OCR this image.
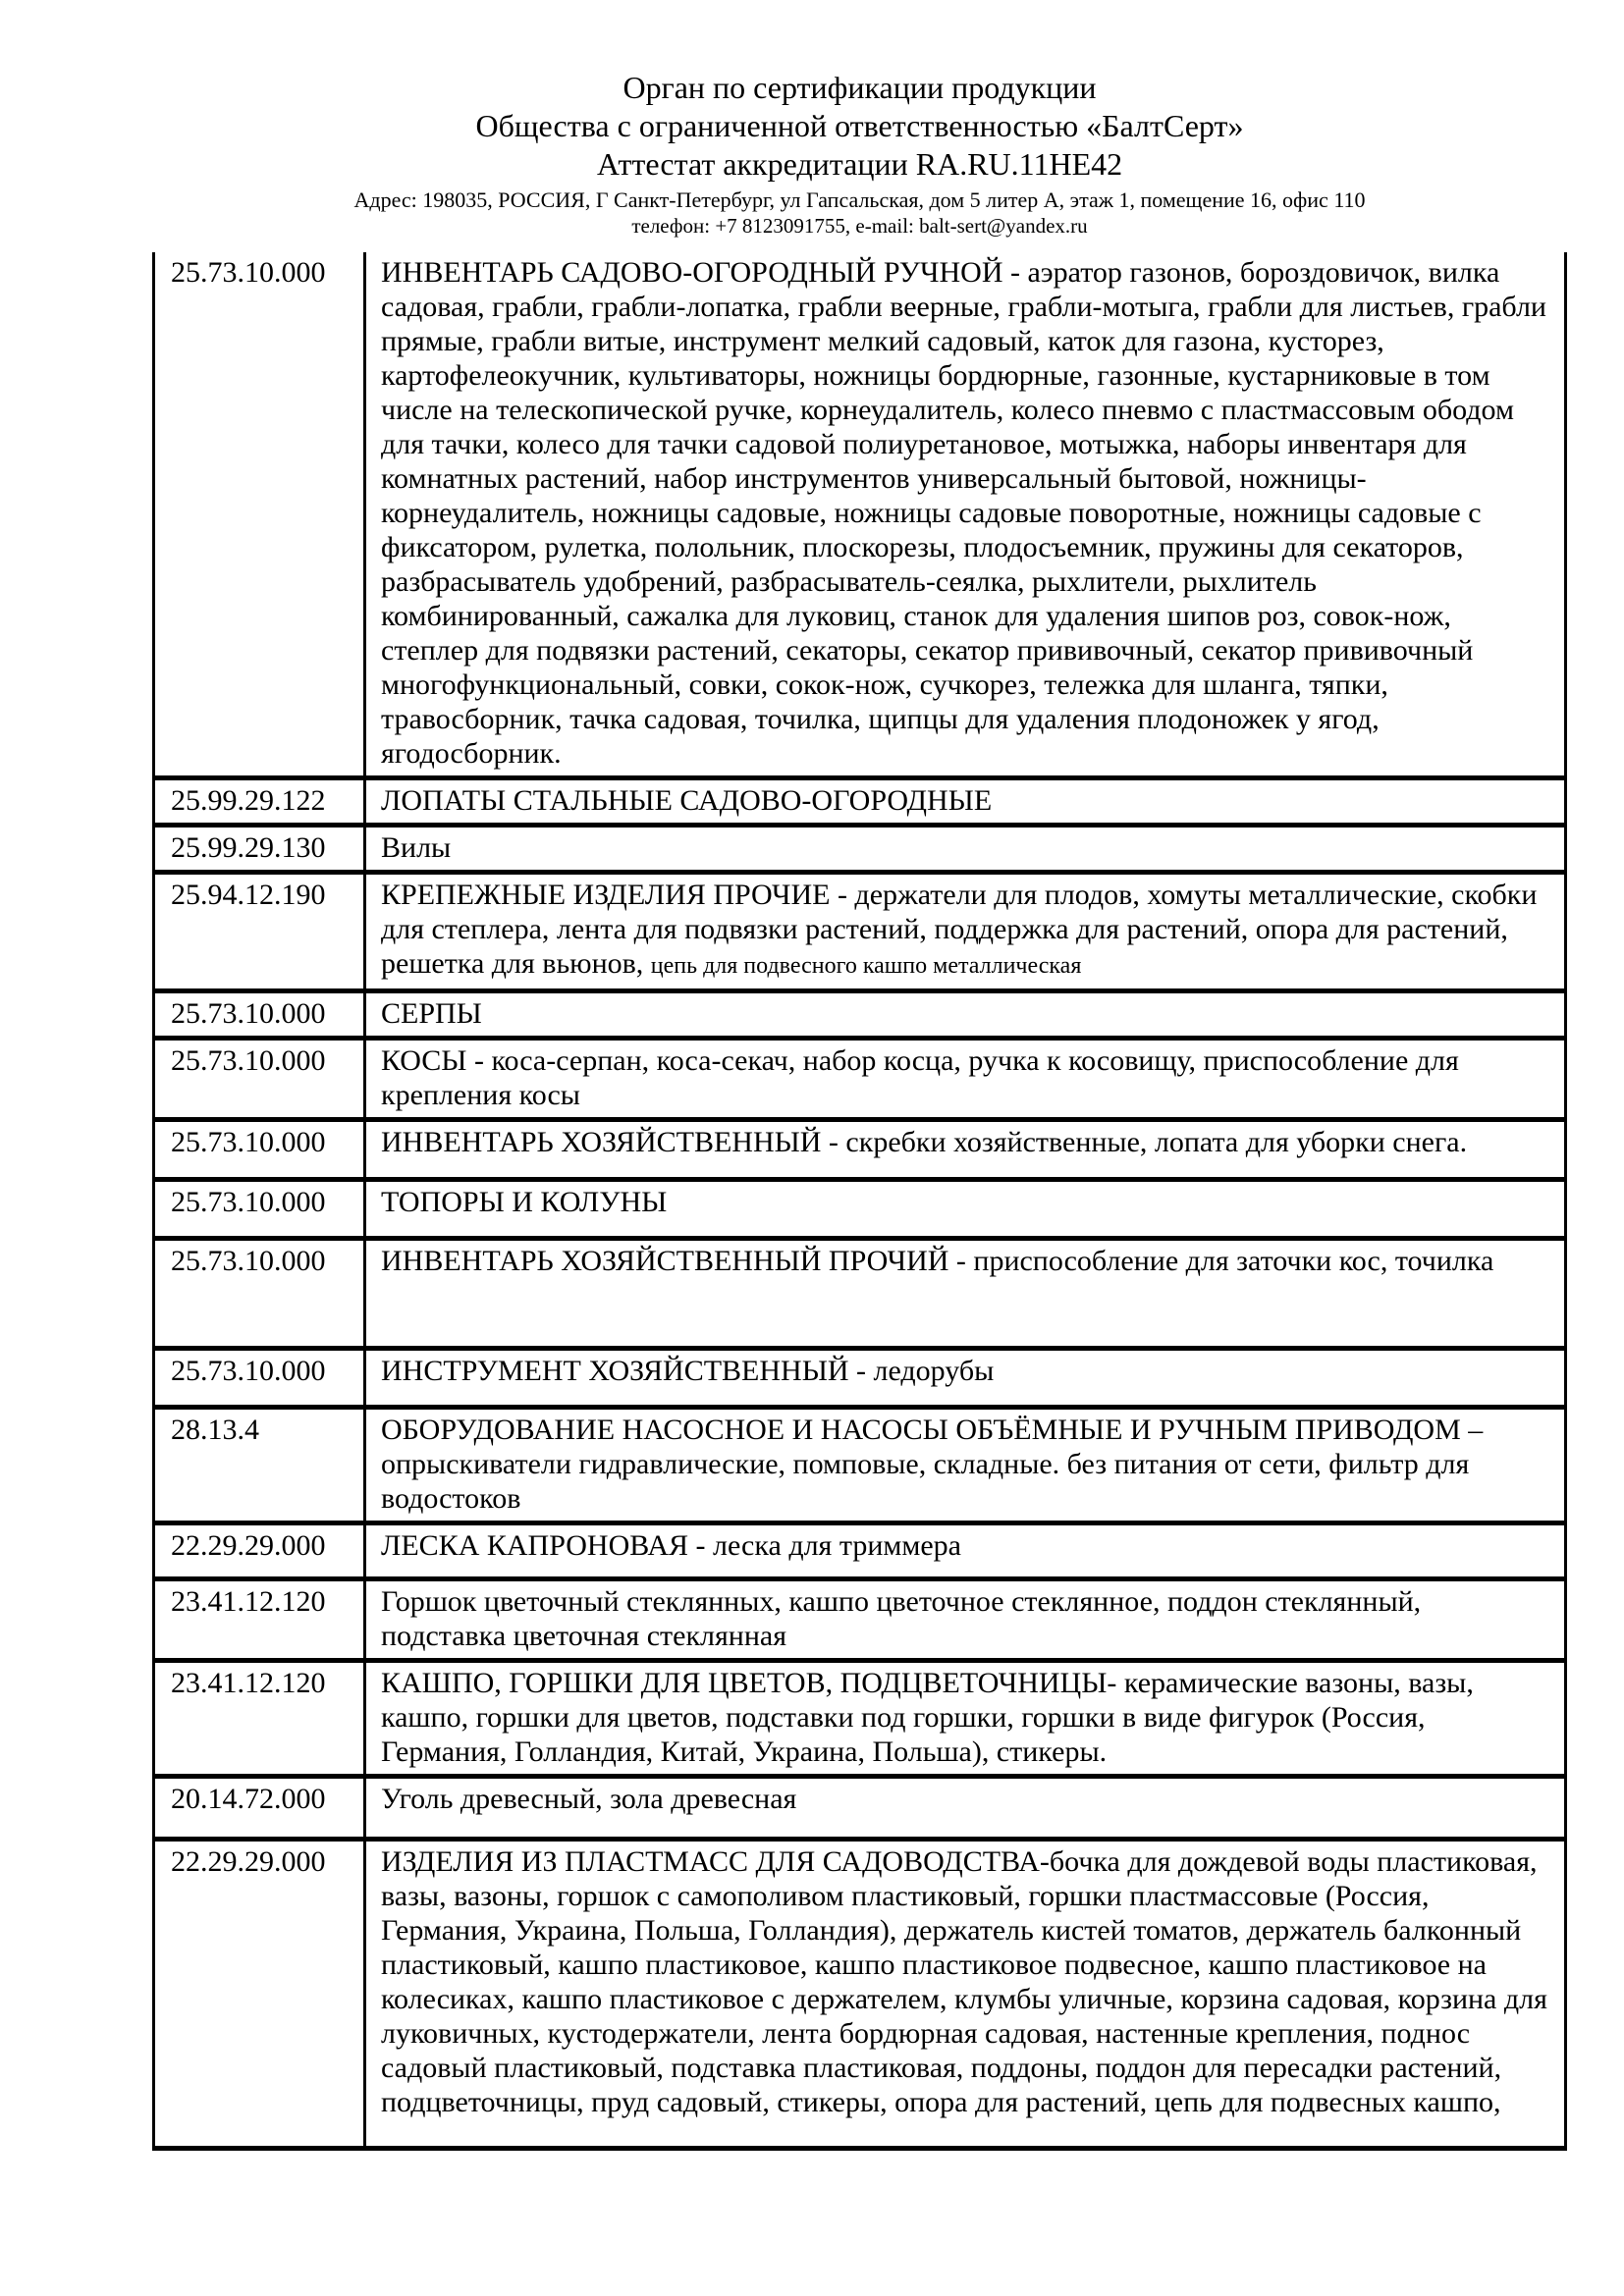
Орган по сертификации продукции
Общества с ограниченной ответственностью «БалтСерт»
Аттестат аккредитации RA.RU.11НЕ42
Адрес: 198035, РОССИЯ, Г Санкт-Петербург, ул Гапсальская, дом 5 литер А, этаж 1, помещение 16, офис 110
телефон: +7 8123091755, e-mail: balt-sert@yandex.ru
25.73.10.000	ИНВЕНТАРЬ САДОВО-ОГОРОДНЫЙ РУЧНОЙ - аэратор газонов, бороздовичок, вилка садовая, грабли, грабли-лопатка, грабли веерные, грабли-мотыга, грабли для листьев, грабли прямые, грабли витые, инструмент мелкий садовый, каток для газона, кусторез, картофелеокучник, культиваторы, ножницы бордюрные, газонные, кустарниковые в том числе на телескопической ручке, корнеудалитель, колесо пневмо с пластмассовым ободом для тачки, колесо для тачки садовой полиуретановое, мотыжка, наборы инвентаря для комнатных растений, набор инструментов универсальный бытовой, ножницы-корнеудалитель, ножницы садовые, ножницы садовые поворотные, ножницы садовые с фиксатором, рулетка, полольник, плоскорезы, плодосъемник, пружины для секаторов, разбрасыватель удобрений, разбрасыватель-сеялка, рыхлители, рыхлитель комбинированный, сажалка для луковиц, станок для удаления шипов роз, совок-нож, степлер для подвязки растений, секаторы, секатор прививочный, секатор прививочный многофункциональный, совки, сокок-нож, сучкорез, тележка для шланга, тяпки, травосборник, тачка садовая, точилка, щипцы для удаления плодоножек у ягод, ягодосборник.
25.99.29.122	ЛОПАТЫ СТАЛЬНЫЕ САДОВО-ОГОРОДНЫЕ
25.99.29.130	Вилы
25.94.12.190	КРЕПЕЖНЫЕ ИЗДЕЛИЯ ПРОЧИЕ - держатели для плодов, хомуты металлические, скобки для степлера, лента для подвязки растений, поддержка для растений, опора для растений, решетка для вьюнов, цепь для подвесного кашпо металлическая
25.73.10.000	СЕРПЫ
25.73.10.000	КОСЫ - коса-серпан, коса-секач, набор косца, ручка к косовищу, приспособление для крепления косы
25.73.10.000	ИНВЕНТАРЬ ХОЗЯЙСТВЕННЫЙ - скребки хозяйственные, лопата для уборки снега.
25.73.10.000	ТОПОРЫ И КОЛУНЫ
25.73.10.000	ИНВЕНТАРЬ ХОЗЯЙСТВЕННЫЙ ПРОЧИЙ - приспособление для заточки кос, точилка
25.73.10.000	ИНСТРУМЕНТ ХОЗЯЙСТВЕННЫЙ - ледорубы
28.13.4	ОБОРУДОВАНИЕ НАСОСНОЕ И НАСОСЫ ОБЪЁМНЫЕ И РУЧНЫМ ПРИВОДОМ – опрыскиватели гидравлические, помповые, складные. без питания от сети, фильтр для водостоков
22.29.29.000	ЛЕСКА КАПРОНОВАЯ - леска для триммера
23.41.12.120	Горшок цветочный стеклянных, кашпо цветочное стеклянное, поддон стеклянный, подставка цветочная стеклянная
23.41.12.120	КАШПО, ГОРШКИ ДЛЯ ЦВЕТОВ, ПОДЦВЕТОЧНИЦЫ- керамические вазоны, вазы, кашпо, горшки для цветов, подставки под горшки, горшки в виде фигурок (Россия, Германия, Голландия, Китай, Украина, Польша), стикеры.
20.14.72.000	Уголь древесный, зола древесная
22.29.29.000	ИЗДЕЛИЯ ИЗ ПЛАСТМАСС ДЛЯ САДОВОДСТВА-бочка для дождевой воды пластиковая, вазы, вазоны, горшок с самополивом пластиковый, горшки пластмассовые (Россия, Германия, Украина, Польша, Голландия), держатель кистей томатов, держатель балконный пластиковый, кашпо пластиковое, кашпо пластиковое подвесное, кашпо пластиковое на колесиках, кашпо пластиковое с держателем, клумбы уличные, корзина садовая, корзина для луковичных, кустодержатели, лента бордюрная садовая, настенные крепления, поднос садовый пластиковый, подставка пластиковая, поддоны, поддон для пересадки растений, подцветочницы, пруд садовый, стикеры, опора для растений, цепь для подвесных кашпо,
